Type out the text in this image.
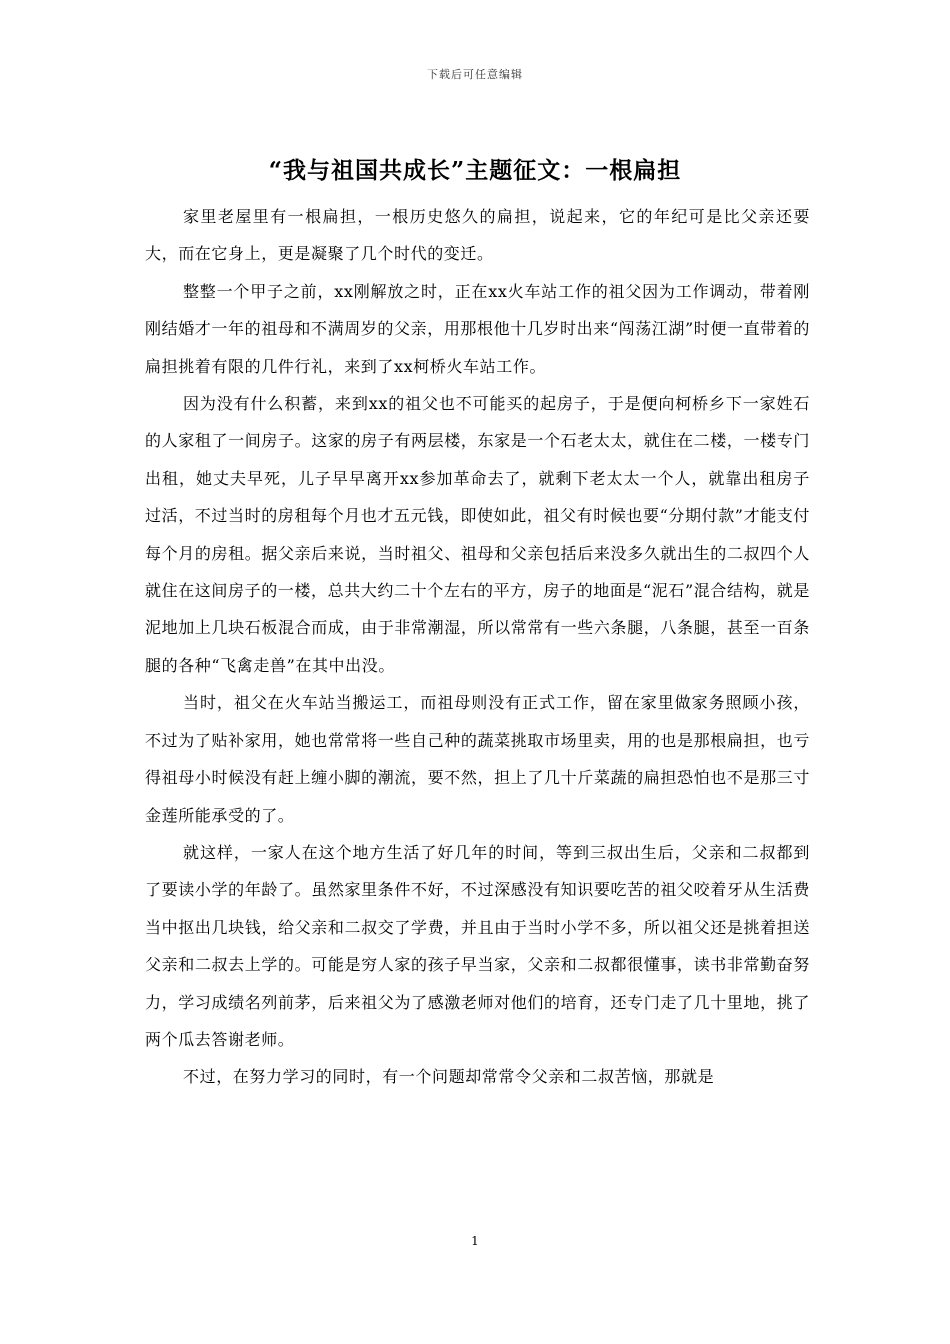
下载后可任意编辑
“我与祖国共成长”主题征文：一根扁担

家里老屋里有一根扁担，一根历史悠久的扁担，说起来，它的年纪可是比父亲还要大，而在它身上，更是凝聚了几个时代的变迁。

整整一个甲子之前，xx刚解放之时，正在xx火车站工作的祖父因为工作调动，带着刚刚结婚才一年的祖母和不满周岁的父亲，用那根他十几岁时出来“闯荡江湖”时便一直带着的扁担挑着有限的几件行礼，来到了xx柯桥火车站工作。

因为没有什么积蓄，来到xx的祖父也不可能买的起房子，于是便向柯桥乡下一家姓石的人家租了一间房子。这家的房子有两层楼，东家是一个石老太太，就住在二楼，一楼专门出租，她丈夫早死，儿子早早离开xx参加革命去了，就剩下老太太一个人，就靠出租房子过活，不过当时的房租每个月也才五元钱，即使如此，祖父有时候也要“分期付款”才能支付每个月的房租。据父亲后来说，当时祖父、祖母和父亲包括后来没多久就出生的二叔四个人就住在这间房子的一楼，总共大约二十个左右的平方，房子的地面是“泥石”混合结构，就是泥地加上几块石板混合而成，由于非常潮湿，所以常常有一些六条腿，八条腿，甚至一百条腿的各种“飞禽走兽”在其中出没。

当时，祖父在火车站当搬运工，而祖母则没有正式工作，留在家里做家务照顾小孩，不过为了贴补家用，她也常常将一些自己种的蔬菜挑取市场里卖，用的也是那根扁担，也亏得祖母小时候没有赶上缠小脚的潮流，要不然，担上了几十斤菜蔬的扁担恐怕也不是那三寸金莲所能承受的了。

就这样，一家人在这个地方生活了好几年的时间，等到三叔出生后，父亲和二叔都到了要读小学的年龄了。虽然家里条件不好，不过深感没有知识要吃苦的祖父咬着牙从生活费当中抠出几块钱，给父亲和二叔交了学费，并且由于当时小学不多，所以祖父还是挑着担送父亲和二叔去上学的。可能是穷人家的孩子早当家，父亲和二叔都很懂事，读书非常勤奋努力，学习成绩名列前茅，后来祖父为了感激老师对他们的培育，还专门走了几十里地，挑了两个瓜去答谢老师。

不过，在努力学习的同时，有一个问题却常常令父亲和二叔苦恼，那就是

1
